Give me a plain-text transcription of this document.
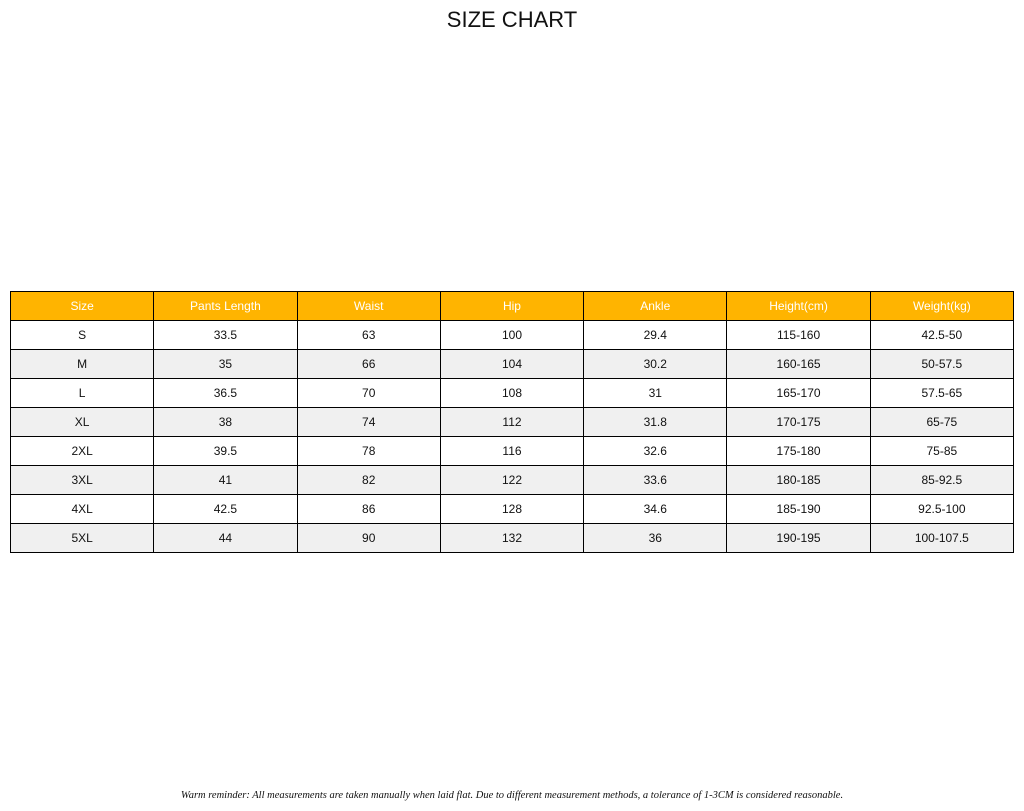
SIZE CHART
Size	Pants Length	Waist	Hip	Ankle	Height(cm)	Weight(kg)
S	33.5	63	100	29.4	115-160	42.5-50
M	35	66	104	30.2	160-165	50-57.5
L	36.5	70	108	31	165-170	57.5-65
XL	38	74	112	31.8	170-175	65-75
2XL	39.5	78	116	32.6	175-180	75-85
3XL	41	82	122	33.6	180-185	85-92.5
4XL	42.5	86	128	34.6	185-190	92.5-100
5XL	44	90	132	36	190-195	100-107.5
Warm reminder: All measurements are taken manually when laid flat. Due to different measurement methods, a tolerance of 1-3CM is considered reasonable.
